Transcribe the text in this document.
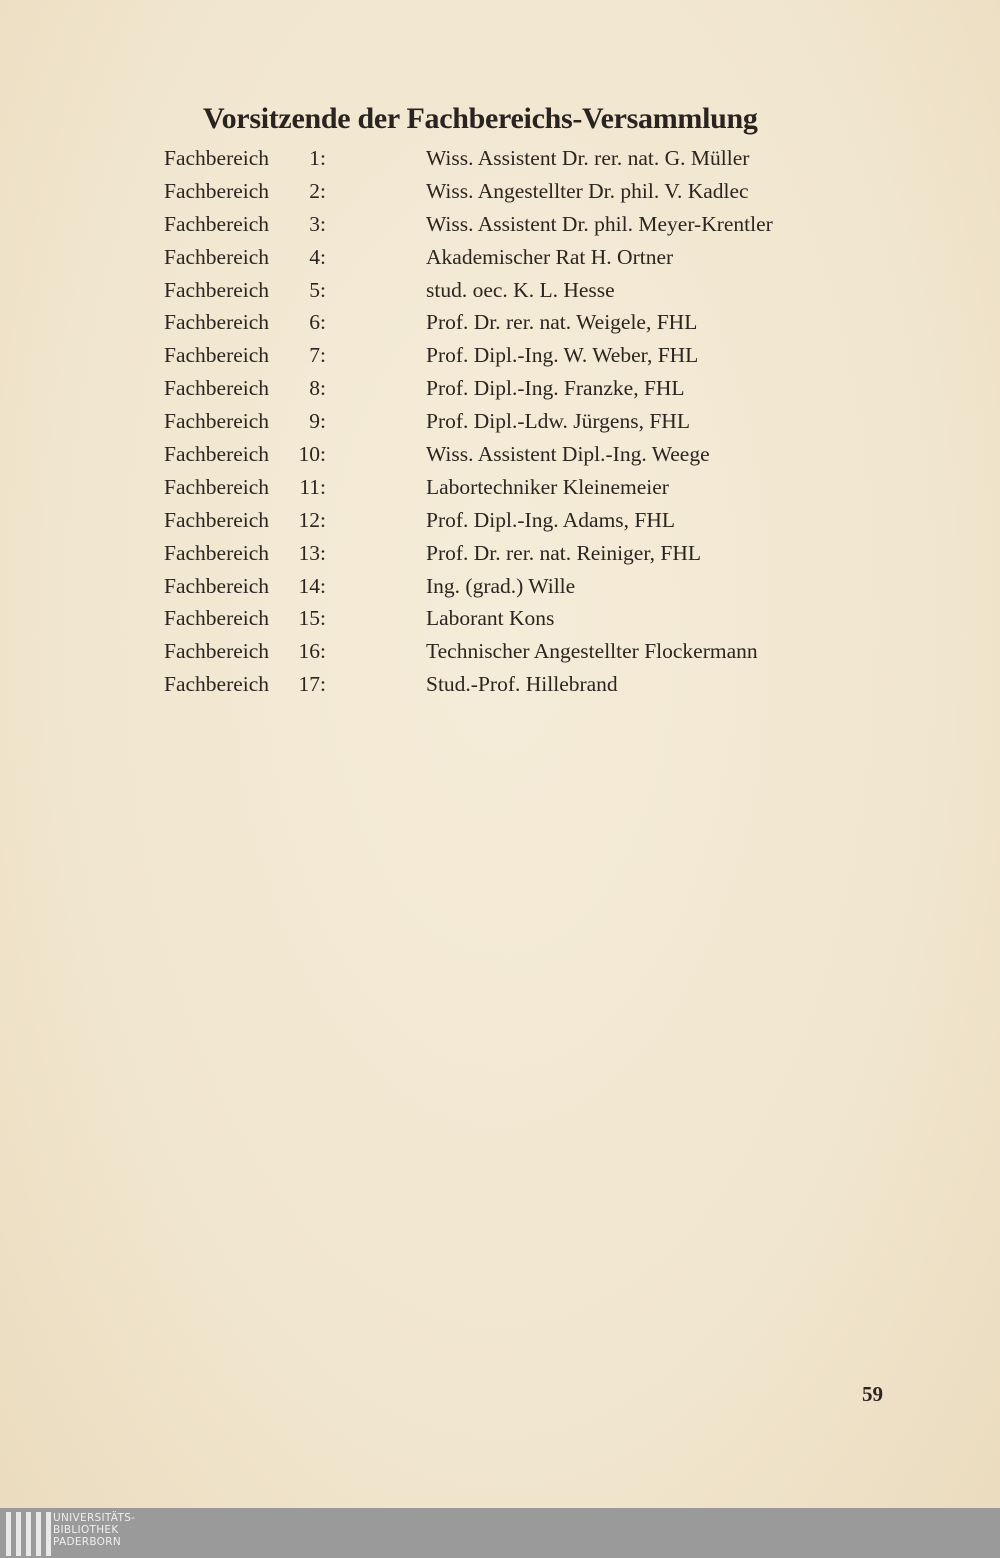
Vorsitzende der Fachbereichs-Versammlung
Fachbereich	1:	Wiss. Assistent Dr. rer. nat. G. Müller
Fachbereich	2:	Wiss. Angestellter Dr. phil. V. Kadlec
Fachbereich	3:	Wiss. Assistent Dr. phil. Meyer-Krentler
Fachbereich	4:	Akademischer Rat H. Ortner
Fachbereich	5:	stud. oec. K. L. Hesse
Fachbereich	6:	Prof. Dr. rer. nat. Weigele, FHL
Fachbereich	7:	Prof. Dipl.-Ing. W. Weber, FHL
Fachbereich	8:	Prof. Dipl.-Ing. Franzke, FHL
Fachbereich	9:	Prof. Dipl.-Ldw. Jürgens, FHL
Fachbereich	10:	Wiss. Assistent Dipl.-Ing. Weege
Fachbereich	11:	Labortechniker Kleinemeier
Fachbereich	12:	Prof. Dipl.-Ing. Adams, FHL
Fachbereich	13:	Prof. Dr. rer. nat. Reiniger, FHL
Fachbereich	14:	Ing. (grad.) Wille
Fachbereich	15:	Laborant Kons
Fachbereich	16:	Technischer Angestellter Flockermann
Fachbereich	17:	Stud.-Prof. Hillebrand
59
UNIVERSITÄTS-
BIBLIOTHEK
PADERBORN
